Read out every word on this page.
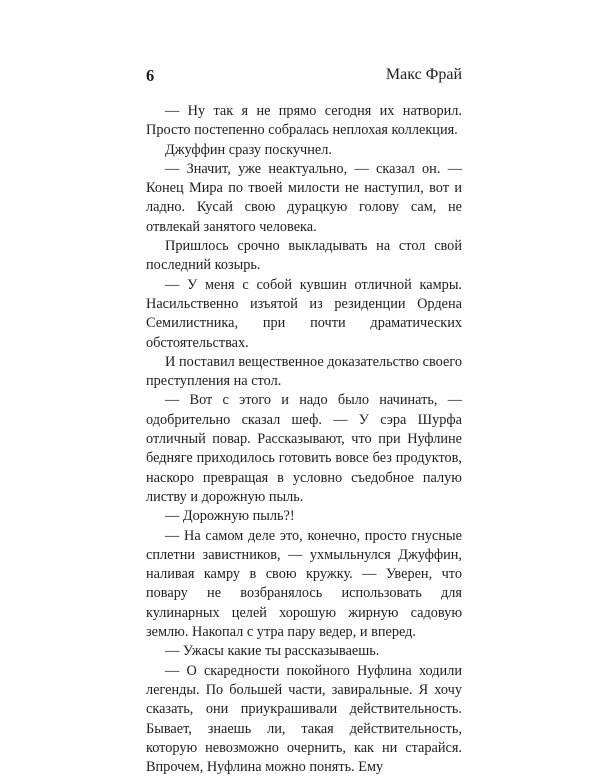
6	Макс Фрай

— Ну так я не прямо сегодня их натворил. Просто постепенно собралась неплохая коллекция.

Джуффин сразу поскучнел.

— Значит, уже неактуально, — сказал он. — Конец Мира по твоей милости не наступил, вот и ладно. Кусай свою дурацкую голову сам, не отвлекай занятого человека.

Пришлось срочно выкладывать на стол свой последний козырь.

— У меня с собой кувшин отличной камры. Насильственно изъятой из резиденции Ордена Семилистника, при почти драматических обстоятельствах.

И поставил вещественное доказательство своего преступления на стол.

— Вот с этого и надо было начинать, — одобрительно сказал шеф. — У сэра Шурфа отличный повар. Рассказывают, что при Нуфлине бедняге приходилось готовить вовсе без продуктов, наскоро превращая в условно съедобное палую листву и дорожную пыль.

— Дорожную пыль?!

— На самом деле это, конечно, просто гнусные сплетни завистников, — ухмыльнулся Джуффин, наливая камру в свою кружку. — Уверен, что повару не возбранялось использовать для кулинарных целей хорошую жирную садовую землю. Накопал с утра пару ведер, и вперед.

— Ужасы какие ты рассказываешь.

— О скаредности покойного Нуфлина ходили легенды. По большей части, завиральные. Я хочу сказать, они приукрашивали действительность. Бывает, знаешь ли, такая действительность, которую невозможно очернить, как ни старайся. Впрочем, Нуфлина можно понять. Ему
